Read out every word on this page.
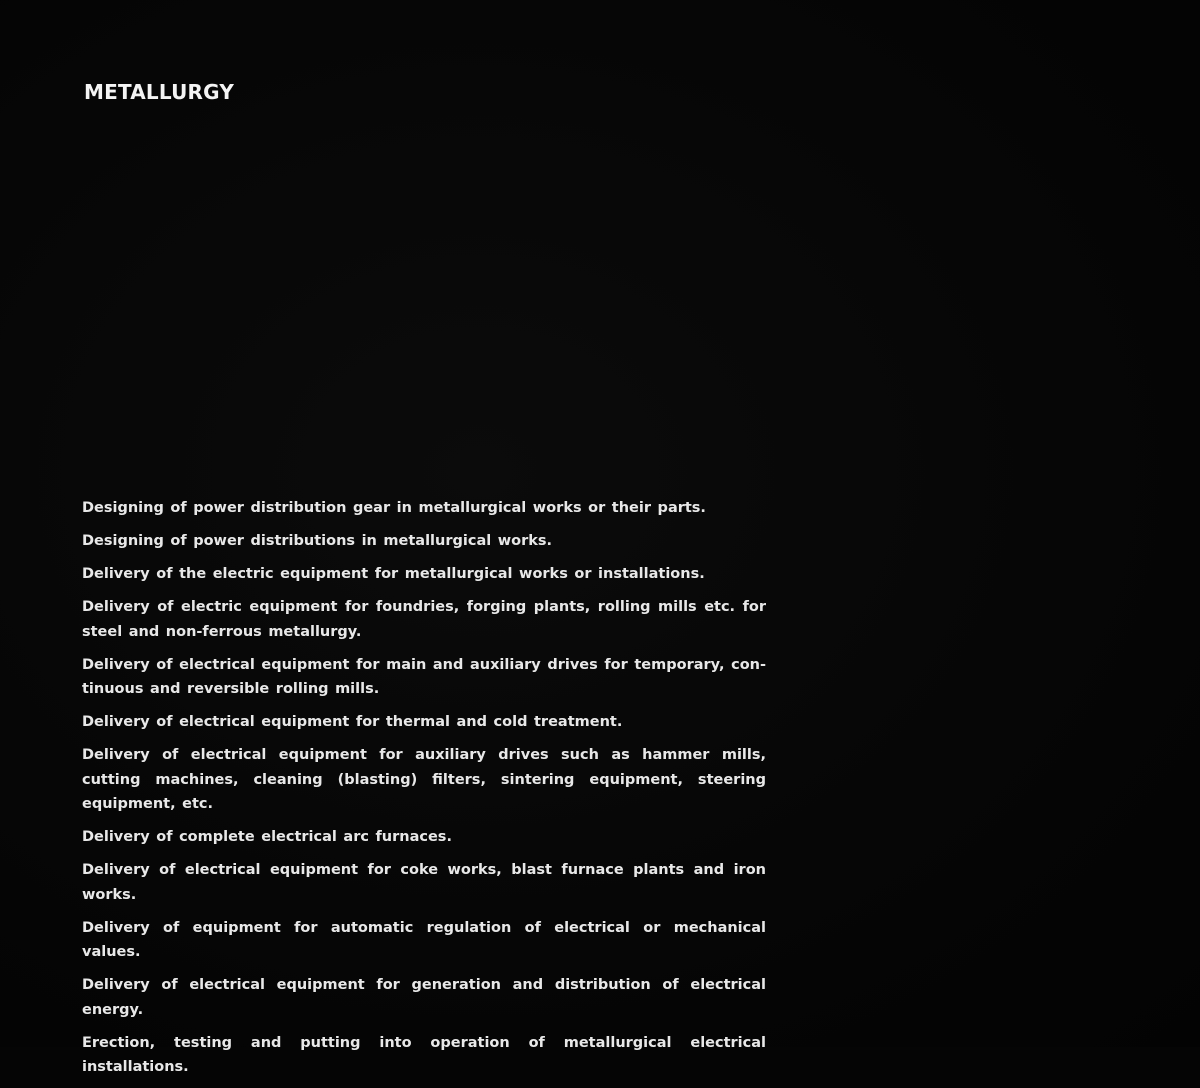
METALLURGY
Designing of power distribution gear in metallurgical works or their parts.
Designing of power distributions in metallurgical works.
Delivery of the electric equipment for metallurgical works or installations.
Delivery of electric equipment for foundries, forging plants, rolling mills etc. for steel and non-ferrous metallurgy.
Delivery of electrical equipment for main and auxiliary drives for temporary, con-tinuous and reversible rolling mills.
Delivery of electrical equipment for thermal and cold treatment.
Delivery of electrical equipment for auxiliary drives such as hammer mills, cutting machines, cleaning (blasting) filters, sintering equipment, steering equipment, etc.
Delivery of complete electrical arc furnaces.
Delivery of electrical equipment for coke works, blast furnace plants and iron works.
Delivery of equipment for automatic regulation of electrical or mechanical values.
Delivery of electrical equipment for generation and distribution of electrical energy.
Erection, testing and putting into operation of metallurgical electrical installations.
